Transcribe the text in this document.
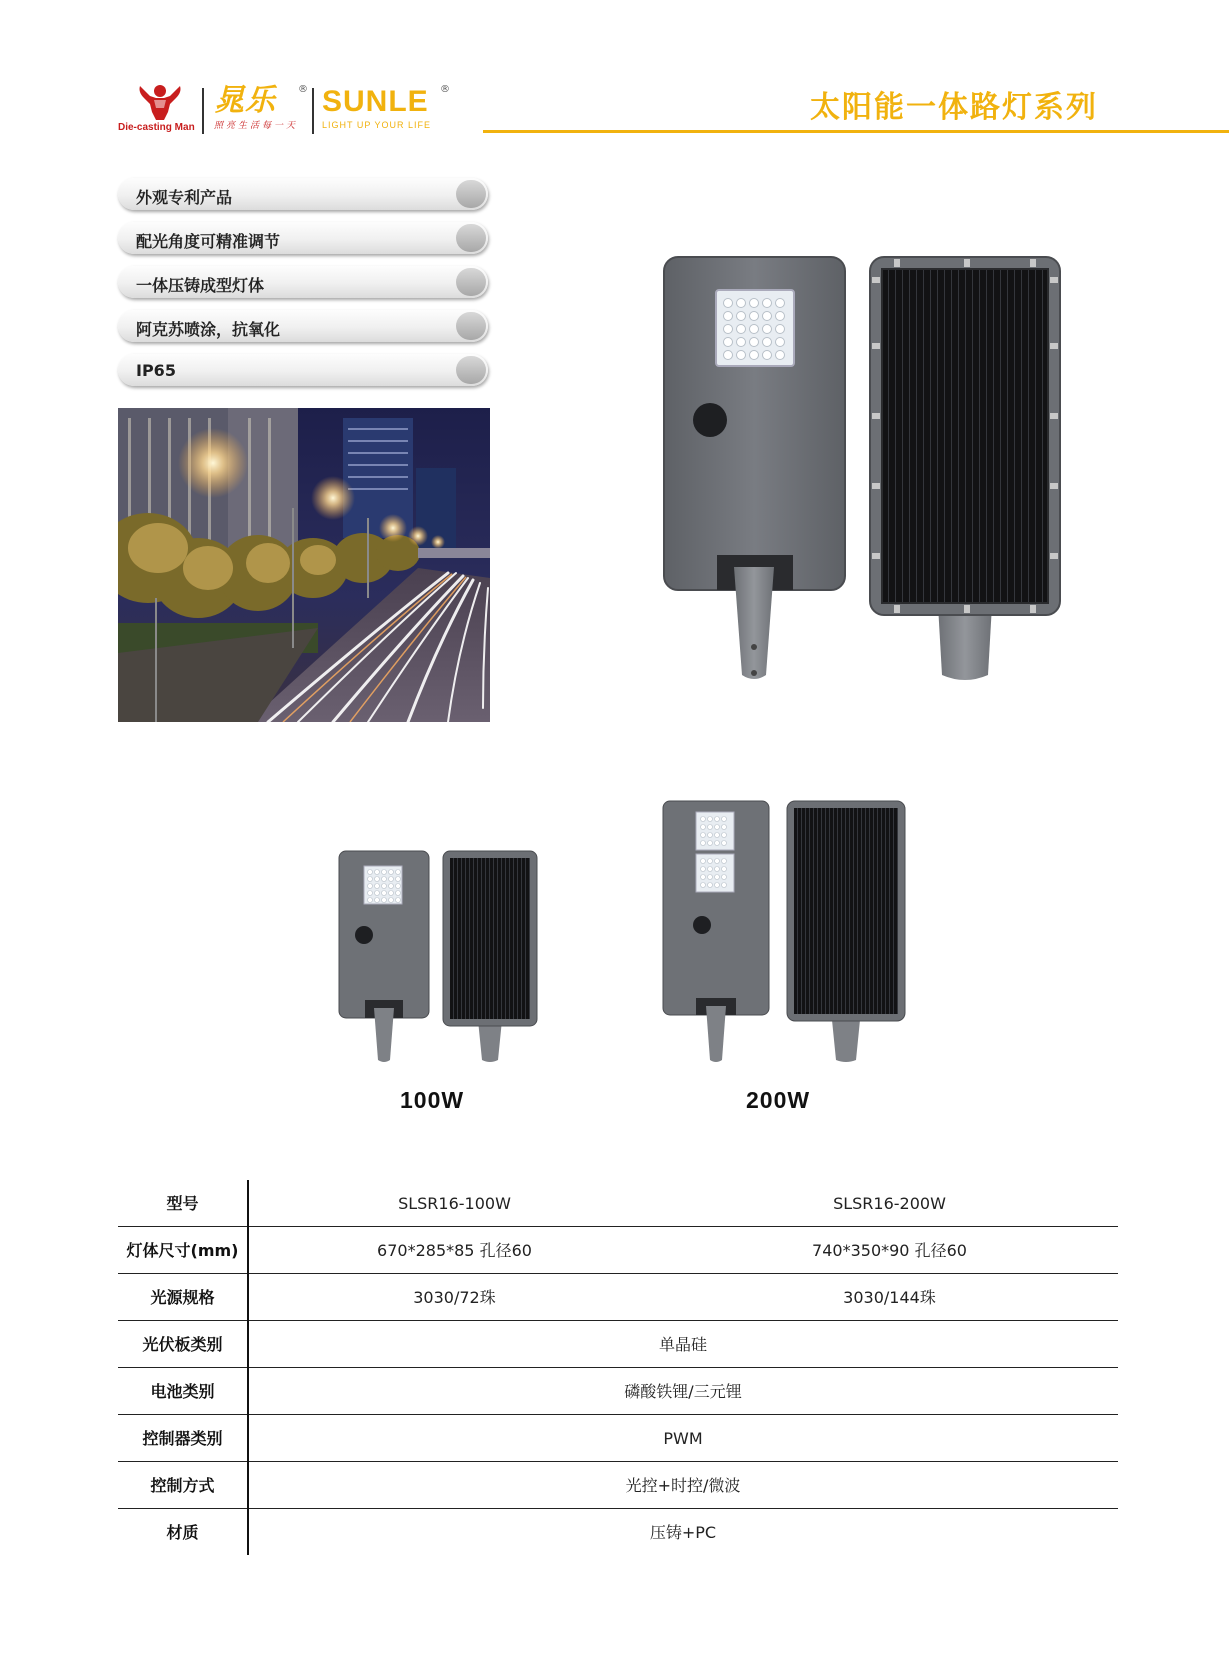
Die-casting Man
晁乐	®
照亮生活每一天
SUNLE	®
LIGHT UP YOUR LIFE	太阳能一体路灯系列
外观专利产品
配光角度可精准调节
一体压铸成型灯体
阿克苏喷涂，抗氧化
IP65
100W	200W
型号	SLSR16-100W	SLSR16-200W
灯体尺寸(mm)	670*285*85 孔径60	740*350*90 孔径60
光源规格	3030/72珠	3030/144珠
光伏板类别	单晶硅
电池类别	磷酸铁锂/三元锂
控制器类别	PWM
控制方式	光控+时控/微波
材质	压铸+PC
